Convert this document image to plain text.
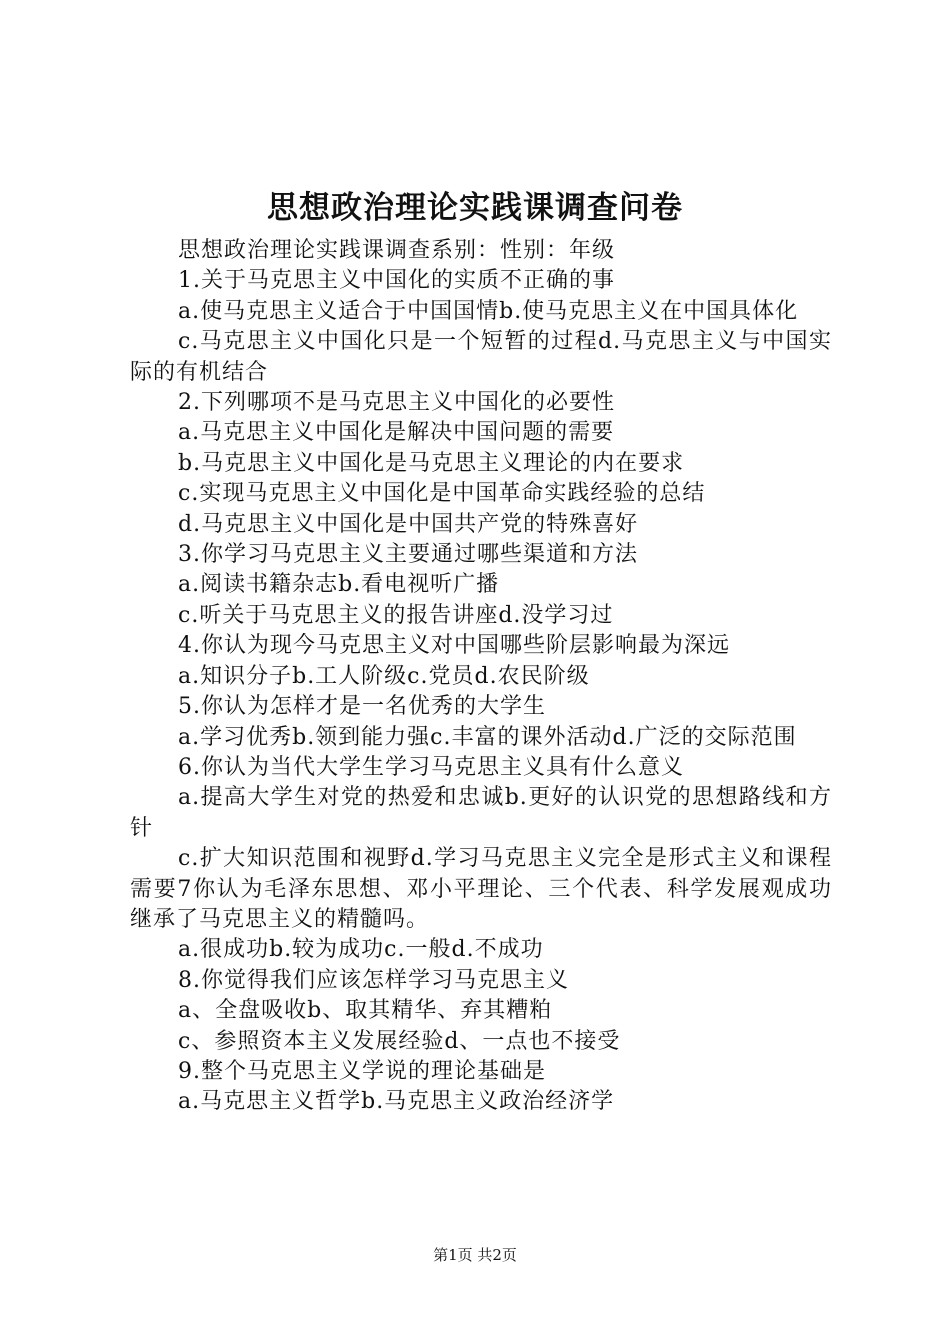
思想政治理论实践课调查问卷

思想政治理论实践课调查系别：性别：年级

1.关于马克思主义中国化的实质不正确的事

a.使马克思主义适合于中国国情b.使马克思主义在中国具体化

c.马克思主义中国化只是一个短暂的过程d.马克思主义与中国实际的有机结合

2.下列哪项不是马克思主义中国化的必要性

a.马克思主义中国化是解决中国问题的需要

b.马克思主义中国化是马克思主义理论的内在要求

c.实现马克思主义中国化是中国革命实践经验的总结

d.马克思主义中国化是中国共产党的特殊喜好

3.你学习马克思主义主要通过哪些渠道和方法

a.阅读书籍杂志b.看电视听广播

c.听关于马克思主义的报告讲座d.没学习过

4.你认为现今马克思主义对中国哪些阶层影响最为深远

a.知识分子b.工人阶级c.党员d.农民阶级

5.你认为怎样才是一名优秀的大学生

a.学习优秀b.领到能力强c.丰富的课外活动d.广泛的交际范围

6.你认为当代大学生学习马克思主义具有什么意义

a.提高大学生对党的热爱和忠诚b.更好的认识党的思想路线和方针

c.扩大知识范围和视野d.学习马克思主义完全是形式主义和课程需要7你认为毛泽东思想、邓小平理论、三个代表、科学发展观成功继承了马克思主义的精髓吗。

a.很成功b.较为成功c.一般d.不成功

8.你觉得我们应该怎样学习马克思主义

a、全盘吸收b、取其精华、弃其糟粕

c、参照资本主义发展经验d、一点也不接受

9.整个马克思主义学说的理论基础是

a.马克思主义哲学b.马克思主义政治经济学

第1页 共2页
